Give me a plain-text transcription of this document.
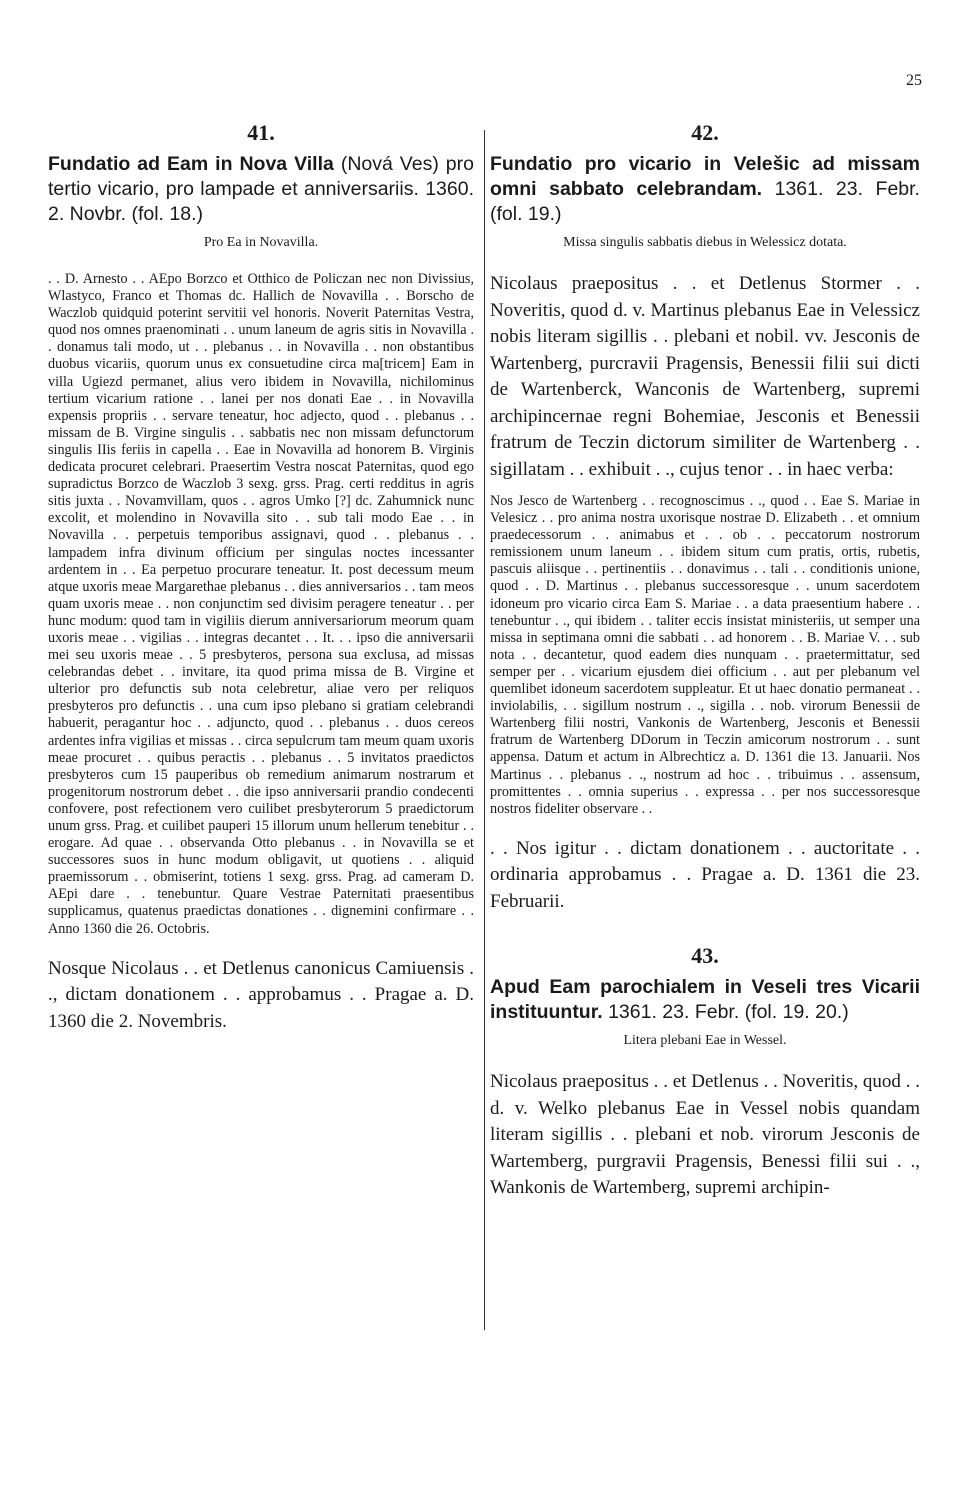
25
41.

Fundatio ad Eam in Nova Villa (Nová Ves) pro tertio vicario, pro lampade et anniversariis. 1360. 2. Novbr. (fol. 18.)

Pro Ea in Novavilla.

. . D. Arnesto . . AEpo Borzco et Otthico de Policzan nec non Divissius, Wlastyco, Franco et Thomas dc. Hallich de Novavilla . . Borscho de Waczlob quidquid poterint servitii vel honoris. Noverit Paternitas Vestra, quod nos omnes praenominati . . unum laneum de agris sitis in Novavilla . . donamus tali modo, ut . . plebanus . . in Novavilla . . non obstantibus duobus vicariis, quorum unus ex consuetudine circa ma[tricem] Eam in villa Ugiezd permanet, alius vero ibidem in Novavilla, nichilominus tertium vicarium ratione . . lanei per nos donati Eae . . in Novavilla expensis propriis . . servare teneatur, hoc adjecto, quod . . plebanus . . missam de B. Virgine singulis . . sabbatis nec non missam defunctorum singulis IIis feriis in capella . . Eae in Novavilla ad honorem B. Virginis dedicata procuret celebrari. Praesertim Vestra noscat Paternitas, quod ego supradictus Borzco de Waczlob 3 sexg. grss. Prag. certi redditus in agris sitis juxta . . Novamvillam, quos . . agros Umko [?] dc. Zahumnick nunc excolit, et molendino in Novavilla sito . . sub tali modo Eae . . in Novavilla . . perpetuis temporibus assignavi, quod . . plebanus . . lampadem infra divinum officium per singulas noctes incessanter ardentem in . . Ea perpetuo procurare teneatur. It. post decessum meum atque uxoris meae Margarethae plebanus . . dies anniversarios . . tam meos quam uxoris meae . . non conjunctim sed divisim peragere teneatur . . per hunc modum: quod tam in vigiliis dierum anniversariorum meorum quam uxoris meae . . vigilias . . integras decantet . . It. . . ipso die anniversarii mei seu uxoris meae . . 5 presbyteros, persona sua exclusa, ad missas celebrandas debet . . invitare, ita quod prima missa de B. Virgine et ulterior pro defunctis sub nota celebretur, aliae vero per reliquos presbyteros pro defunctis . . una cum ipso plebano si gratiam celebrandi habuerit, peragantur hoc . . adjuncto, quod . . plebanus . . duos cereos ardentes infra vigilias et missas . . circa sepulcrum tam meum quam uxoris meae procuret . . quibus peractis . . plebanus . . 5 invitatos praedictos presbyteros cum 15 pauperibus ob remedium animarum nostrarum et progenitorum nostrorum debet . . die ipso anniversarii prandio condecenti confovere, post refectionem vero cuilibet presbyterorum 5 praedictorum unum grss. Prag. et cuilibet pauperi 15 illorum unum hellerum tenebitur . . erogare. Ad quae . . observanda Otto plebanus . . in Novavilla se et successores suos in hunc modum obligavit, ut quotiens . . aliquid praemissorum . . obmiserint, totiens 1 sexg. grss. Prag. ad cameram D. AEpi dare . . tenebuntur. Quare Vestrae Paternitati praesentibus supplicamus, quatenus praedictas donationes . . dignemini confirmare . . Anno 1360 die 26. Octobris.

Nosque Nicolaus . . et Detlenus canonicus Camiuensis . ., dictam donationem . . approbamus . . Pragae a. D. 1360 die 2. Novembris.

42.

Fundatio pro vicario in Velešic ad missam omni sabbato celebrandam. 1361. 23. Febr. (fol. 19.)

Missa singulis sabbatis diebus in Welessicz dotata.

Nicolaus praepositus . . et Detlenus Stormer . . Noveritis, quod d. v. Martinus plebanus Eae in Velessicz nobis literam sigillis . . plebani et nobil. vv. Jesconis de Wartenberg, purcravii Pragensis, Benessii filii sui dicti de Wartenberck, Wanconis de Wartenberg, supremi archipincernae regni Bohemiae, Jesconis et Benessii fratrum de Teczin dictorum similiter de Wartenberg . . sigillatam . . exhibuit . ., cujus tenor . . in haec verba:

Nos Jesco de Wartenberg . . recognoscimus . ., quod . . Eae S. Mariae in Velesicz . . pro anima nostra uxorisque nostrae D. Elizabeth . . et omnium praedecessorum . . animabus et . . ob . . peccatorum nostrorum remissionem unum laneum . . ibidem situm cum pratis, ortis, rubetis, pascuis aliisque . . pertinentiis . . donavimus . . tali . . conditionis unione, quod . . D. Martinus . . plebanus successoresque . . unum sacerdotem idoneum pro vicario circa Eam S. Mariae . . a data praesentium habere . . tenebuntur . ., qui ibidem . . taliter eccis insistat ministeriis, ut semper una missa in septimana omni die sabbati . . ad honorem . . B. Mariae V. . . sub nota . . decantetur, quod eadem dies nunquam . . praetermittatur, sed semper per . . vicarium ejusdem diei officium . . aut per plebanum vel quemlibet idoneum sacerdotem suppleatur. Et ut haec donatio permaneat . . inviolabilis, . . sigillum nostrum . ., sigilla . . nob. virorum Benessii de Wartenberg filii nostri, Vankonis de Wartenberg, Jesconis et Benessii fratrum de Wartenberg DDorum in Teczin amicorum nostrorum . . sunt appensa. Datum et actum in Albrechticz a. D. 1361 die 13. Januarii. Nos Martinus . . plebanus . ., nostrum ad hoc . . tribuimus . . assensum, promittentes . . omnia superius . . expressa . . per nos successoresque nostros fideliter observare . .

. . Nos igitur . . dictam donationem . . auctoritate . . ordinaria approbamus . . Pragae a. D. 1361 die 23. Februarii.

43.

Apud Eam parochialem in Veseli tres Vicarii instituuntur. 1361. 23. Febr. (fol. 19. 20.)

Litera plebani Eae in Wessel.

Nicolaus praepositus . . et Detlenus . . Noveritis, quod . . d. v. Welko plebanus Eae in Vessel nobis quandam literam sigillis . . plebani et nob. virorum Jesconis de Wartemberg, purgravii Pragensis, Benessi filii sui . ., Wankonis de Wartemberg, supremi archipin-
